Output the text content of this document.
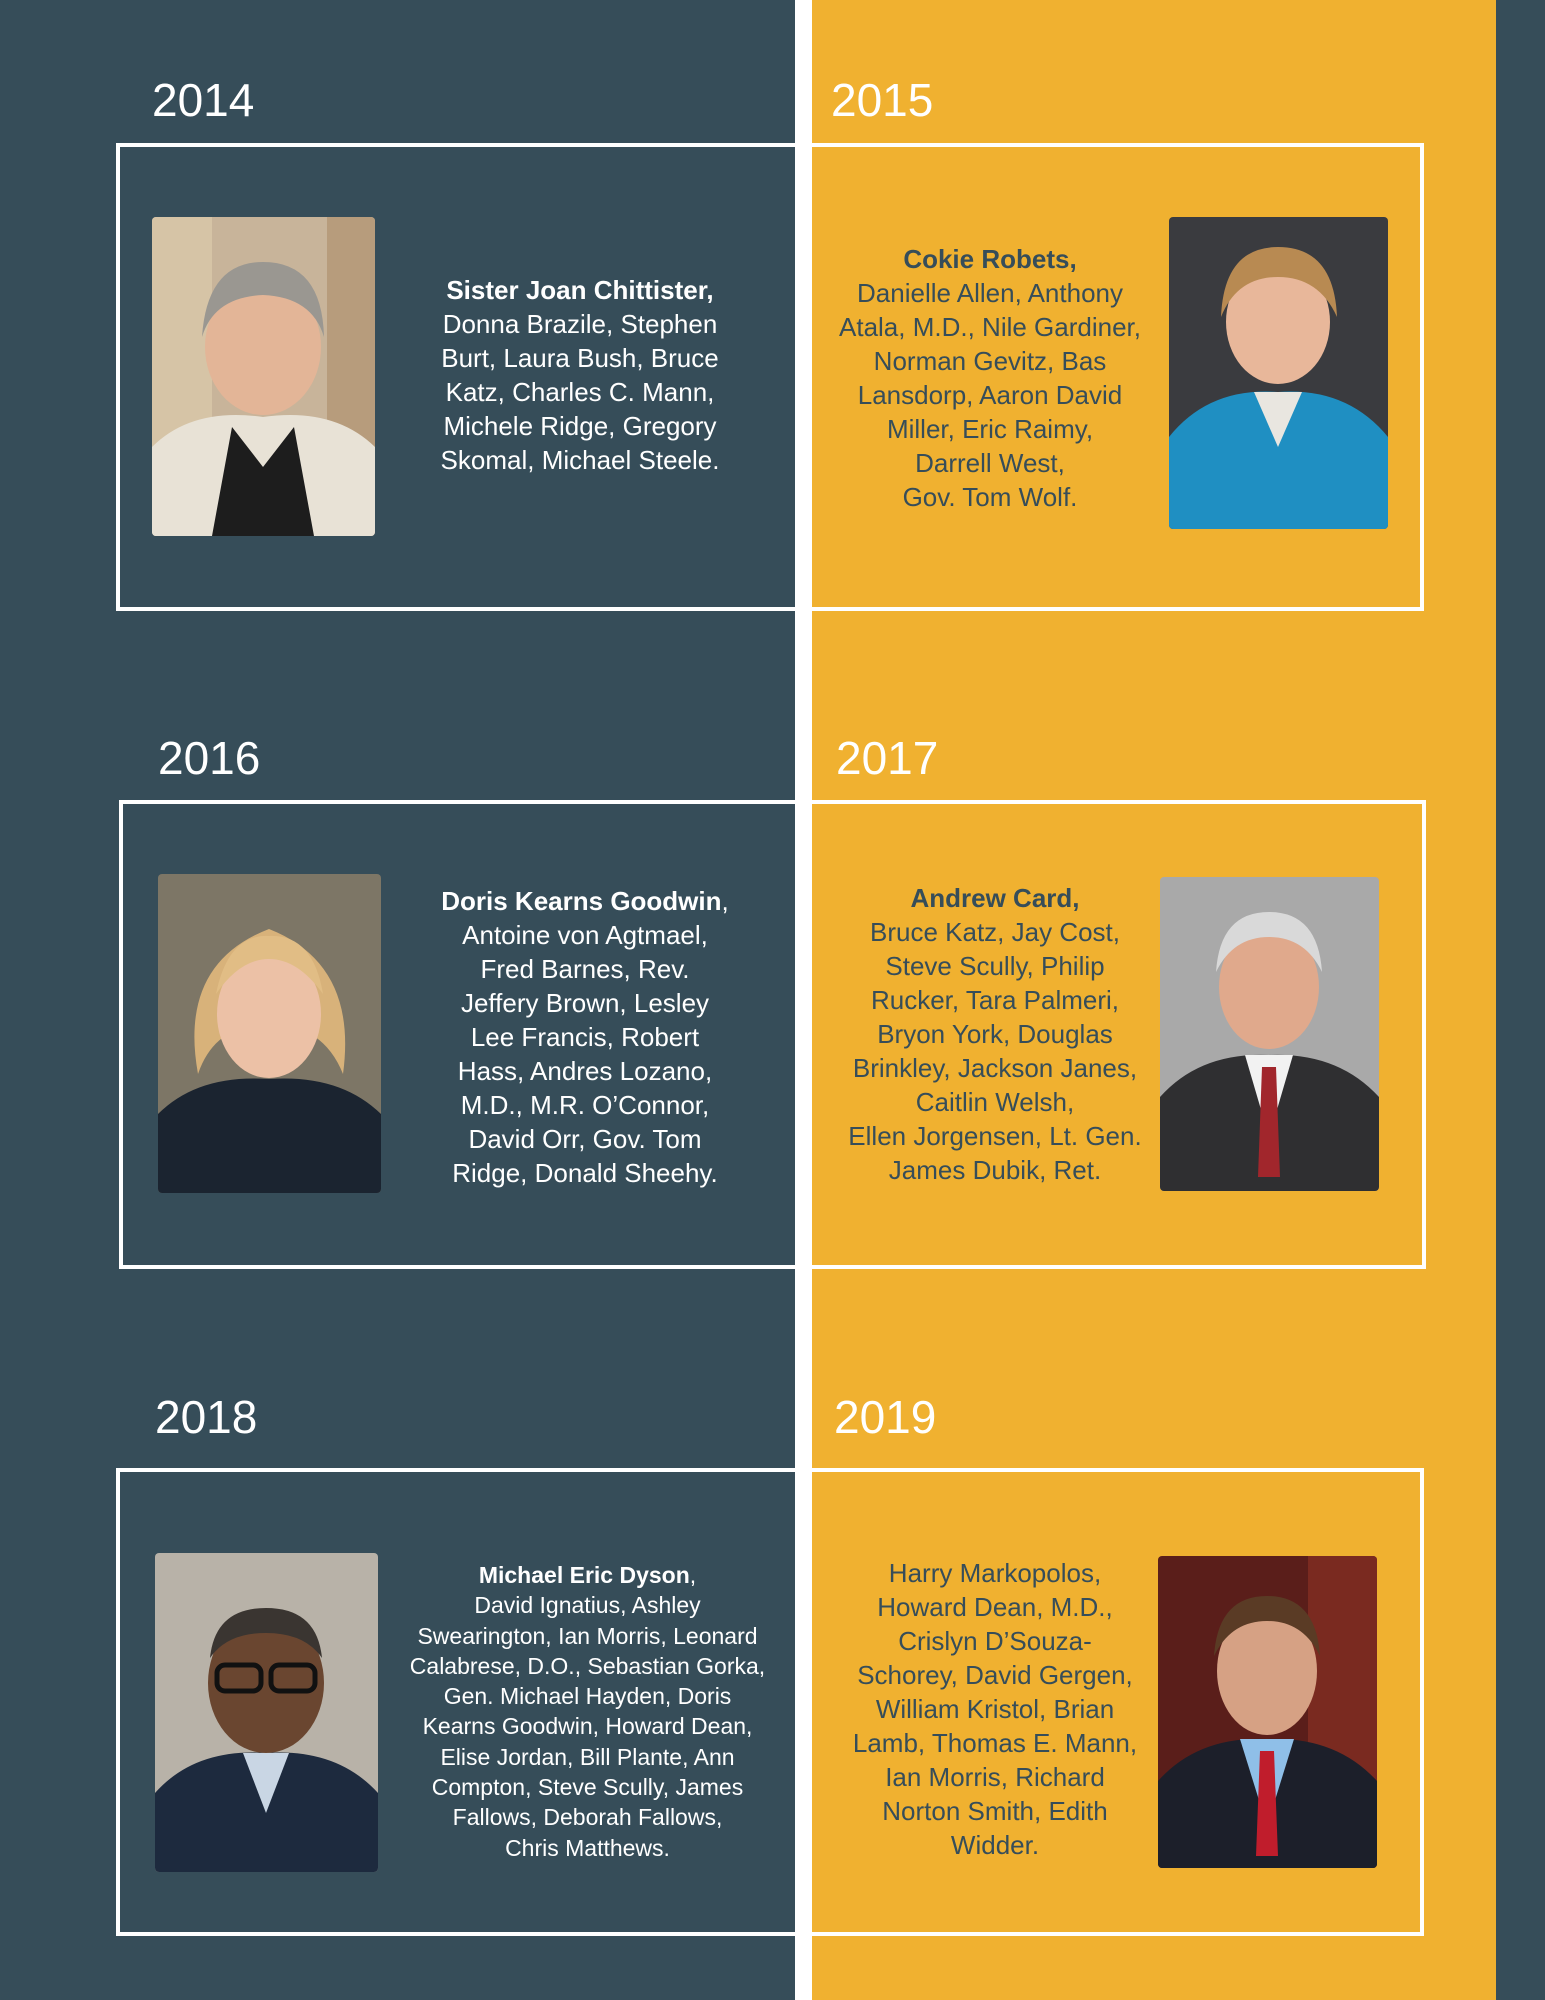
2014
Sister Joan Chittister,
Donna Brazile, Stephen
Burt, Laura Bush, Bruce
Katz, Charles C. Mann,
Michele Ridge, Gregory
Skomal, Michael Steele.
2015
Cokie Robets,
Danielle Allen, Anthony
Atala, M.D., Nile Gardiner,
Norman Gevitz, Bas
Lansdorp, Aaron David
Miller, Eric Raimy,
Darrell West,
Gov. Tom Wolf.
2016
Doris Kearns Goodwin,
Antoine von Agtmael,
Fred Barnes, Rev.
Jeffery Brown, Lesley
Lee Francis, Robert
Hass, Andres Lozano,
M.D., M.R. O’Connor,
David Orr, Gov. Tom
Ridge, Donald Sheehy.
2017
Andrew Card,
Bruce Katz, Jay Cost,
Steve Scully, Philip
Rucker, Tara Palmeri,
Bryon York, Douglas
Brinkley, Jackson Janes,
Caitlin Welsh,
Ellen Jorgensen, Lt. Gen.
James Dubik, Ret.
2018
Michael Eric Dyson,
David Ignatius, Ashley
Swearington, Ian Morris, Leonard
Calabrese, D.O., Sebastian Gorka,
Gen. Michael Hayden, Doris
Kearns Goodwin, Howard Dean,
Elise Jordan, Bill Plante, Ann
Compton, Steve Scully, James
Fallows, Deborah Fallows,
Chris Matthews.
2019
Harry Markopolos,
Howard Dean, M.D.,
Crislyn D’Souza-
Schorey, David Gergen,
William Kristol, Brian
Lamb, Thomas E. Mann,
Ian Morris, Richard
Norton Smith, Edith
Widder.
